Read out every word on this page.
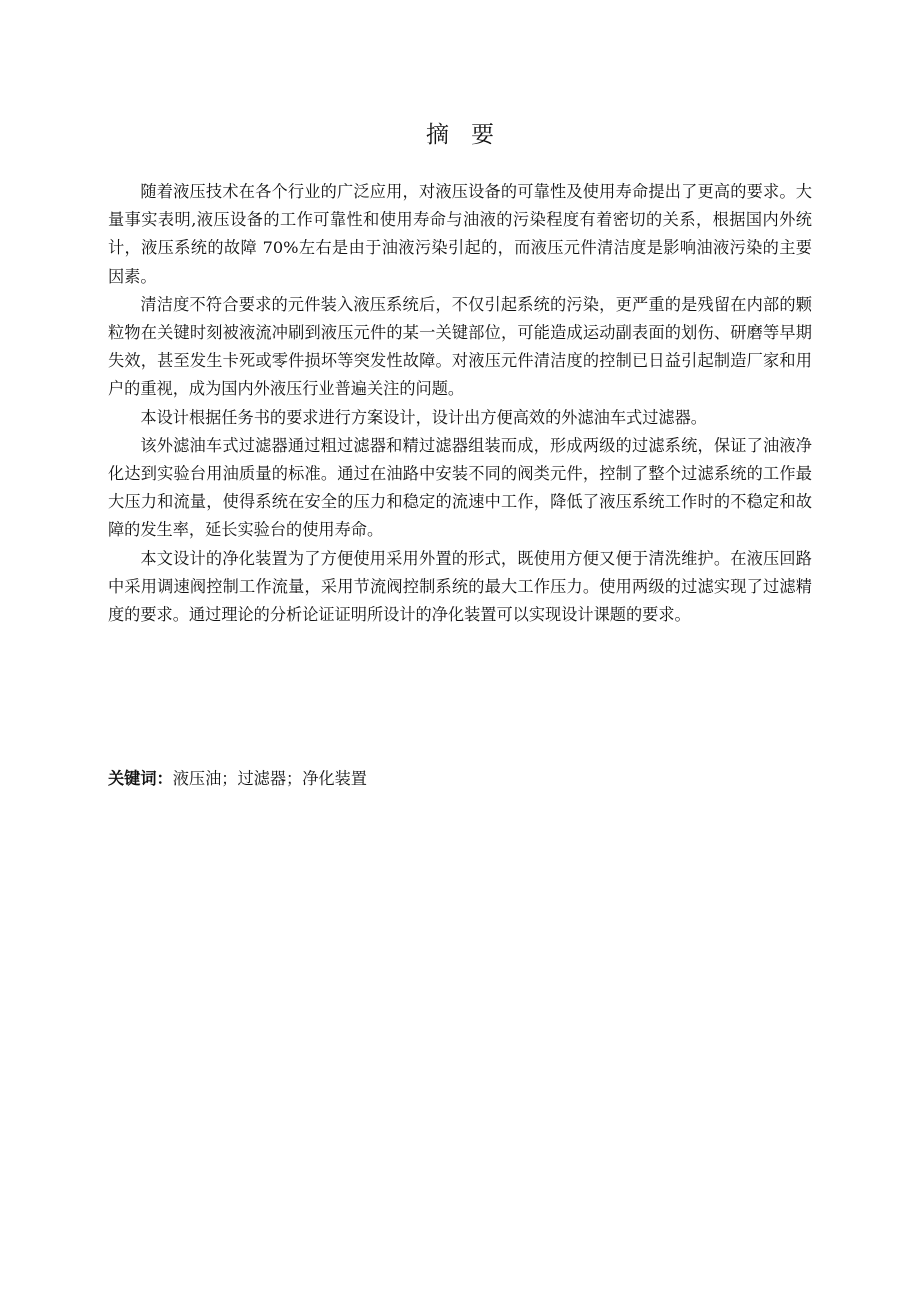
摘要

随着液压技术在各个行业的广泛应用，对液压设备的可靠性及使用寿命提出了更高的要求。大量事实表明,液压设备的工作可靠性和使用寿命与油液的污染程度有着密切的关系，根据国内外统计，液压系统的故障 70%左右是由于油液污染引起的，而液压元件清洁度是影响油液污染的主要因素。

清洁度不符合要求的元件装入液压系统后，不仅引起系统的污染，更严重的是残留在内部的颗粒物在关键时刻被液流冲刷到液压元件的某一关键部位，可能造成运动副表面的划伤、研磨等早期失效，甚至发生卡死或零件损坏等突发性故障。对液压元件清洁度的控制已日益引起制造厂家和用户的重视，成为国内外液压行业普遍关注的问题。

本设计根据任务书的要求进行方案设计，设计出方便高效的外滤油车式过滤器。

该外滤油车式过滤器通过粗过滤器和精过滤器组装而成，形成两级的过滤系统，保证了油液净化达到实验台用油质量的标准。通过在油路中安装不同的阀类元件，控制了整个过滤系统的工作最大压力和流量，使得系统在安全的压力和稳定的流速中工作，降低了液压系统工作时的不稳定和故障的发生率，延长实验台的使用寿命。

本文设计的净化装置为了方便使用采用外置的形式，既使用方便又便于清洗维护。在液压回路中采用调速阀控制工作流量，采用节流阀控制系统的最大工作压力。使用两级的过滤实现了过滤精度的要求。通过理论的分析论证证明所设计的净化装置可以实现设计课题的要求。

关键词：液压油；过滤器；净化装置
